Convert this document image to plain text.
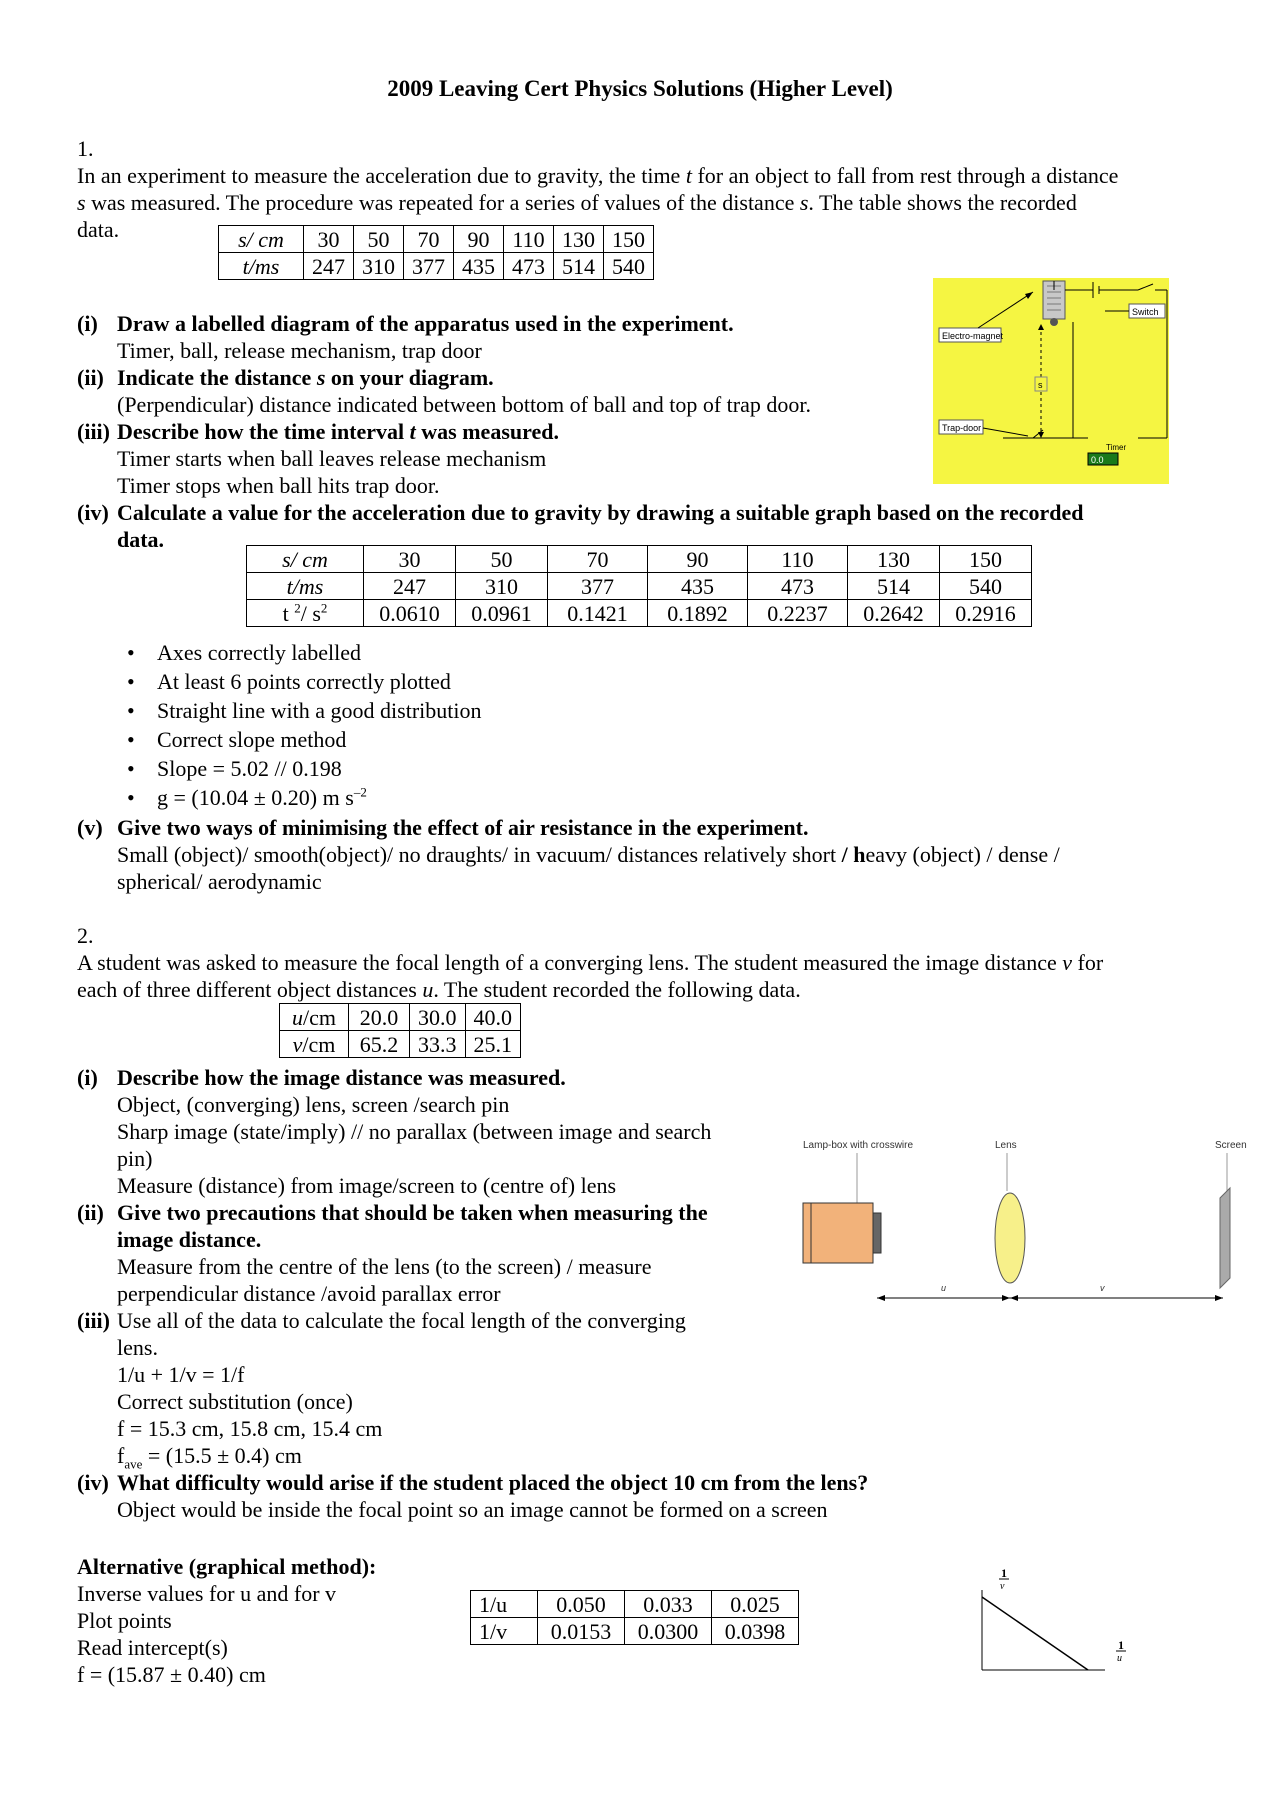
2009 Leaving Cert Physics Solutions (Higher Level)
1.
In an experiment to measure the acceleration due to gravity, the time t for an object to fall from rest through a distance
s was measured. The procedure was repeated for a series of values of the distance s. The table shows the recorded
data.	s/ cm	30	50	70	90	110	130	150
t/ms	247	310	377	435	473	514	540
(i) Draw a labelled diagram of the apparatus used in the experiment.
Timer, ball, release mechanism, trap door
(ii) Indicate the distance s on your diagram.
(Perpendicular) distance indicated between bottom of ball and top of trap door.
(iii) Describe how the time interval t was measured.
Timer starts when ball leaves release mechanism
Timer stops when ball hits trap door.
(iv) Calculate a value for the acceleration due to gravity by drawing a suitable graph based on the recorded
data.
Timer
0.0
s
Electro-magnet
Switch
Trap-door
s/ cm	30	50	70	90	110	130	150
t/ms	247	310	377	435	473	514	540
t $^2$/ $s^2$	0.0610	0.0961	0.1421	0.1892	0.2237	0.2642	0.2916
• Axes correctly labelled
• At least 6 points correctly plotted
• Straight line with a good distribution
• Correct slope method
• Slope = 5.02 // 0.198
• g = (10.04 ± 0.20) m $s^{-2}$
(v) Give two ways of minimising the effect of air resistance in the experiment.
Small (object)/ smooth(object)/ no draughts/ in vacuum/ distances relatively short / heavy (object) / dense /
spherical/ aerodynamic
2.
A student was asked to measure the focal length of a converging lens. The student measured the image distance v for
each of three different object distances u. The student recorded the following data.
u/cm	20.0	30.0	40.0
v/cm	65.2	33.3	25.1
(i) Describe how the image distance was measured.
Object, (converging) lens, screen /search pin
Sharp image (state/imply) // no parallax (between image and search
pin)
Measure (distance) from image/screen to (centre of) lens
(ii) Give two precautions that should be taken when measuring the
image distance.
Measure from the centre of the lens (to the screen) / measure
perpendicular distance /avoid parallax error
(iii) Use all of the data to calculate the focal length of the converging
lens.
1/u + 1/v = 1/f
Correct substitution (once)
f = 15.3 cm, 15.8 cm, 15.4 cm
$f_{ave} = (15.5 \pm 0.4)$ cm
(iv) What difficulty would arise if the student placed the object 10 cm from the lens?
Object would be inside the focal point so an image cannot be formed on a screen
Lamp-box with crosswire	Lens	Screen
u	v
Alternative (graphical method):
Inverse values for u and for v
Plot points
Read intercept(s)
f = (15.87 ± 0.40) cm
1/u	0.050	0.033	0.025
1/v	0.0153	0.0300	0.0398
1
v
1
u
